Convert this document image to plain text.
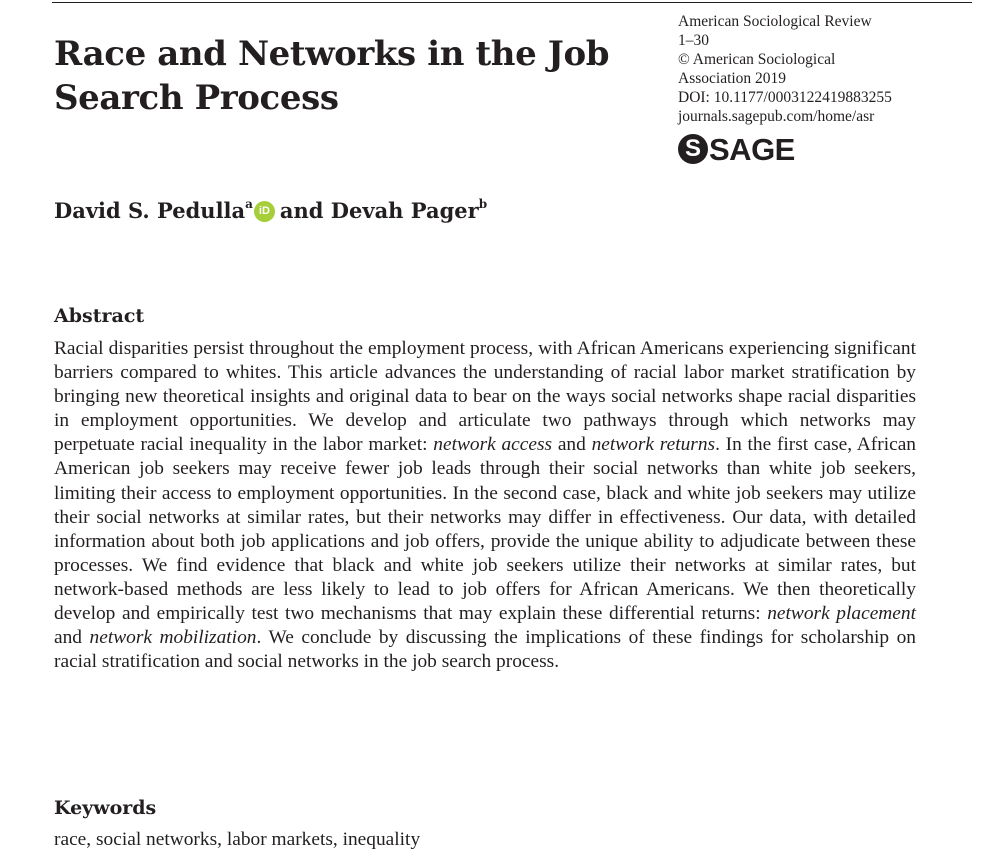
Race and Networks in the Job Search Process
American Sociological Review
1–30
© American Sociological
Association 2019
DOI: 10.1177/0003122419883255
journals.sagepub.com/home/asr
S SAGE
David S. Pedulla$^a$ iD and Devah Pager$^b$
Abstract

Racial disparities persist throughout the employment process, with African Americans experiencing significant barriers compared to whites. This article advances the understanding of racial labor market stratification by bringing new theoretical insights and original data to bear on the ways social networks shape racial disparities in employment opportunities. We develop and articulate two pathways through which networks may perpetuate racial inequality in the labor market: network access and network returns. In the first case, African American job seekers may receive fewer job leads through their social networks than white job seekers, limiting their access to employment opportunities. In the second case, black and white job seekers may utilize their social networks at similar rates, but their networks may differ in effectiveness. Our data, with detailed information about both job applications and job offers, provide the unique ability to adjudicate between these processes. We find evidence that black and white job seekers utilize their networks at similar rates, but network-based methods are less likely to lead to job offers for African Americans. We then theoretically develop and empirically test two mechanisms that may explain these differential returns: network placement and network mobilization. We conclude by discussing the implications of these findings for scholarship on racial stratification and social networks in the job search process.

Keywords
race, social networks, labor markets, inequality
